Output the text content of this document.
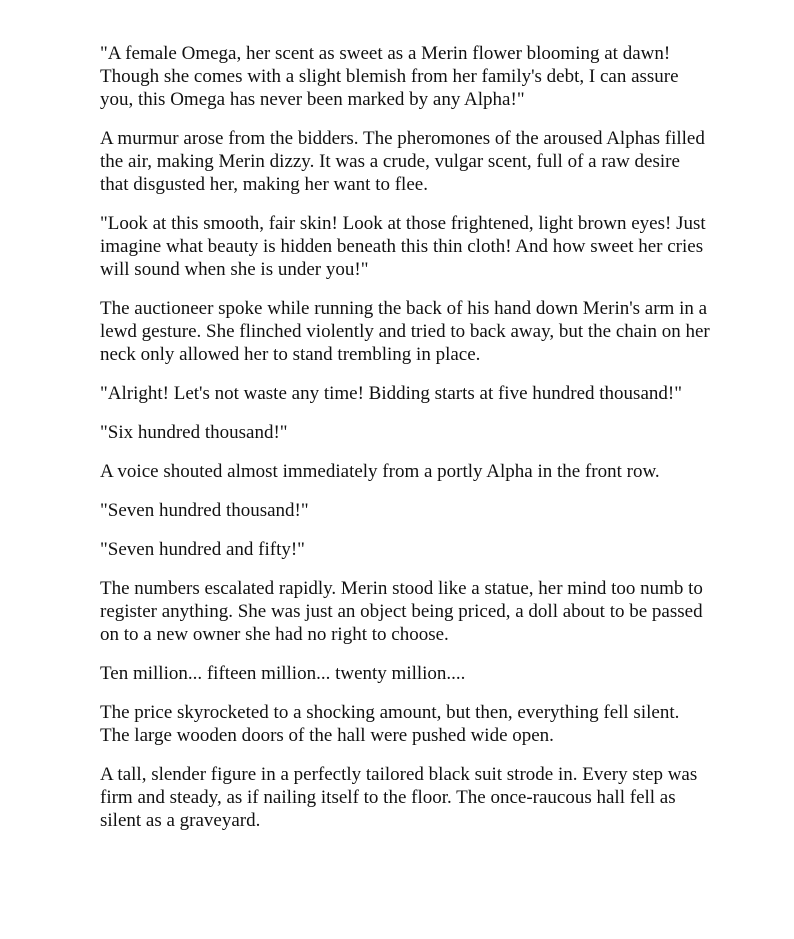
"A female Omega, her scent as sweet as a Merin flower blooming at dawn! Though she comes with a slight blemish from her family's debt, I can assure you, this Omega has never been marked by any Alpha!"

A murmur arose from the bidders. The pheromones of the aroused Alphas filled the air, making Merin dizzy. It was a crude, vulgar scent, full of a raw desire that disgusted her, making her want to flee.

"Look at this smooth, fair skin! Look at those frightened, light brown eyes! Just imagine what beauty is hidden beneath this thin cloth! And how sweet her cries will sound when she is under you!"

The auctioneer spoke while running the back of his hand down Merin's arm in a lewd gesture. She flinched violently and tried to back away, but the chain on her neck only allowed her to stand trembling in place.

"Alright! Let's not waste any time! Bidding starts at five hundred thousand!"

"Six hundred thousand!"

A voice shouted almost immediately from a portly Alpha in the front row.

"Seven hundred thousand!"

"Seven hundred and fifty!"

The numbers escalated rapidly. Merin stood like a statue, her mind too numb to register anything. She was just an object being priced, a doll about to be passed on to a new owner she had no right to choose.

Ten million... fifteen million... twenty million....

The price skyrocketed to a shocking amount, but then, everything fell silent. The large wooden doors of the hall were pushed wide open.

A tall, slender figure in a perfectly tailored black suit strode in. Every step was firm and steady, as if nailing itself to the floor. The once-raucous hall fell as silent as a graveyard.
